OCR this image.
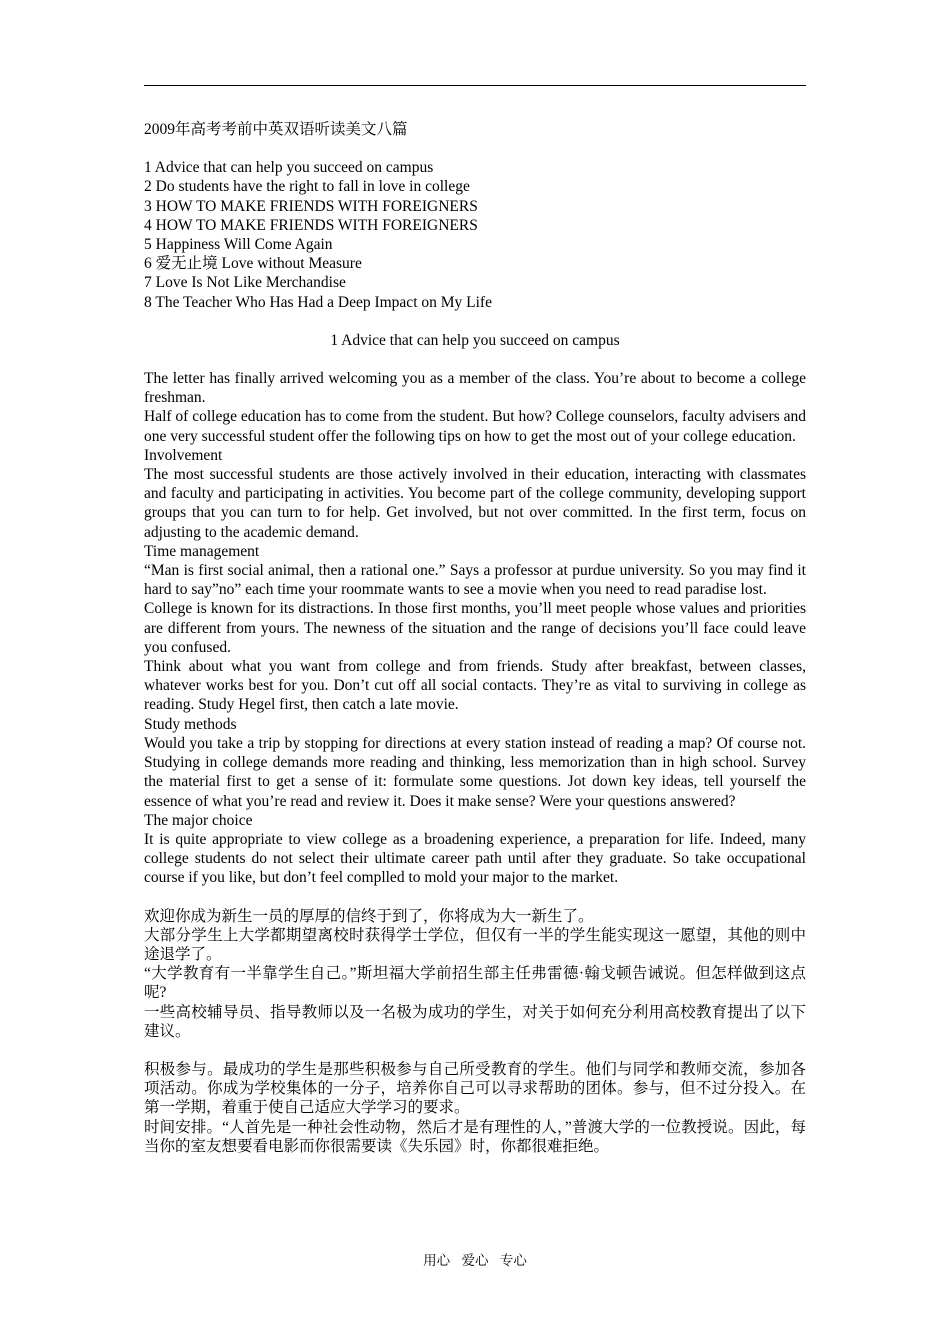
2009年高考考前中英双语听读美文八篇
1 Advice that can help you succeed on campus
2 Do students have the right to fall in love in college
3 HOW TO MAKE FRIENDS WITH FOREIGNERS
4 HOW TO MAKE FRIENDS WITH FOREIGNERS
5 Happiness Will Come Again
6 爱无止境 Love without Measure
7 Love Is Not Like Merchandise
8 The Teacher Who Has Had a Deep Impact on My Life
1 Advice that can help you succeed on campus

The letter has finally arrived welcoming you as a member of the class. You’re about to become a college freshman.

Half of college education has to come from the student. But how? College counselors, faculty advisers and one very successful student offer the following tips on how to get the most out of your college education.

Involvement

The most successful students are those actively involved in their education, interacting with classmates and faculty and participating in activities. You become part of the college community, developing support groups that you can turn to for help. Get involved, but not over committed. In the first term, focus on adjusting to the academic demand.

Time management

“Man is first social animal, then a rational one.” Says a professor at purdue university. So you may find it hard to say”no” each time your roommate wants to see a movie when you need to read paradise lost.

College is known for its distractions. In those first months, you’ll meet people whose values and priorities are different from yours. The newness of the situation and the range of decisions you’ll face could leave you confused.

Think about what you want from college and from friends. Study after breakfast, between classes, whatever works best for you. Don’t cut off all social contacts. They’re as vital to surviving in college as reading. Study Hegel first, then catch a late movie.

Study methods

Would you take a trip by stopping for directions at every station instead of reading a map? Of course not. Studying in college demands more reading and thinking, less memorization than in high school. Survey the material first to get a sense of it: formulate some questions. Jot down key ideas, tell yourself the essence of what you’re read and review it. Does it make sense? Were your questions answered?

The major choice

It is quite appropriate to view college as a broadening experience, a preparation for life. Indeed, many college students do not select their ultimate career path until after they graduate. So take occupational course if you like, but don’t feel complled to mold your major to the market.

欢迎你成为新生一员的厚厚的信终于到了，你将成为大一新生了。

大部分学生上大学都期望离校时获得学士学位，但仅有一半的学生能实现这一愿望，其他的则中途退学了。

“大学教育有一半靠学生自己。”斯坦福大学前招生部主任弗雷德·翰戈顿告诫说。但怎样做到这点呢?

一些高校辅导员、指导教师以及一名极为成功的学生，对关于如何充分利用高校教育提出了以下建议。

积极参与。最成功的学生是那些积极参与自己所受教育的学生。他们与同学和教师交流，参加各项活动。你成为学校集体的一分子，培养你自己可以寻求帮助的团体。参与，但不过分投入。在第一学期，着重于使自己适应大学学习的要求。

时间安排。“人首先是一种社会性动物，然后才是有理性的人，”普渡大学的一位教授说。因此，每当你的室友想要看电影而你很需要读《失乐园》时，你都很难拒绝。

用心 爱心 专心
